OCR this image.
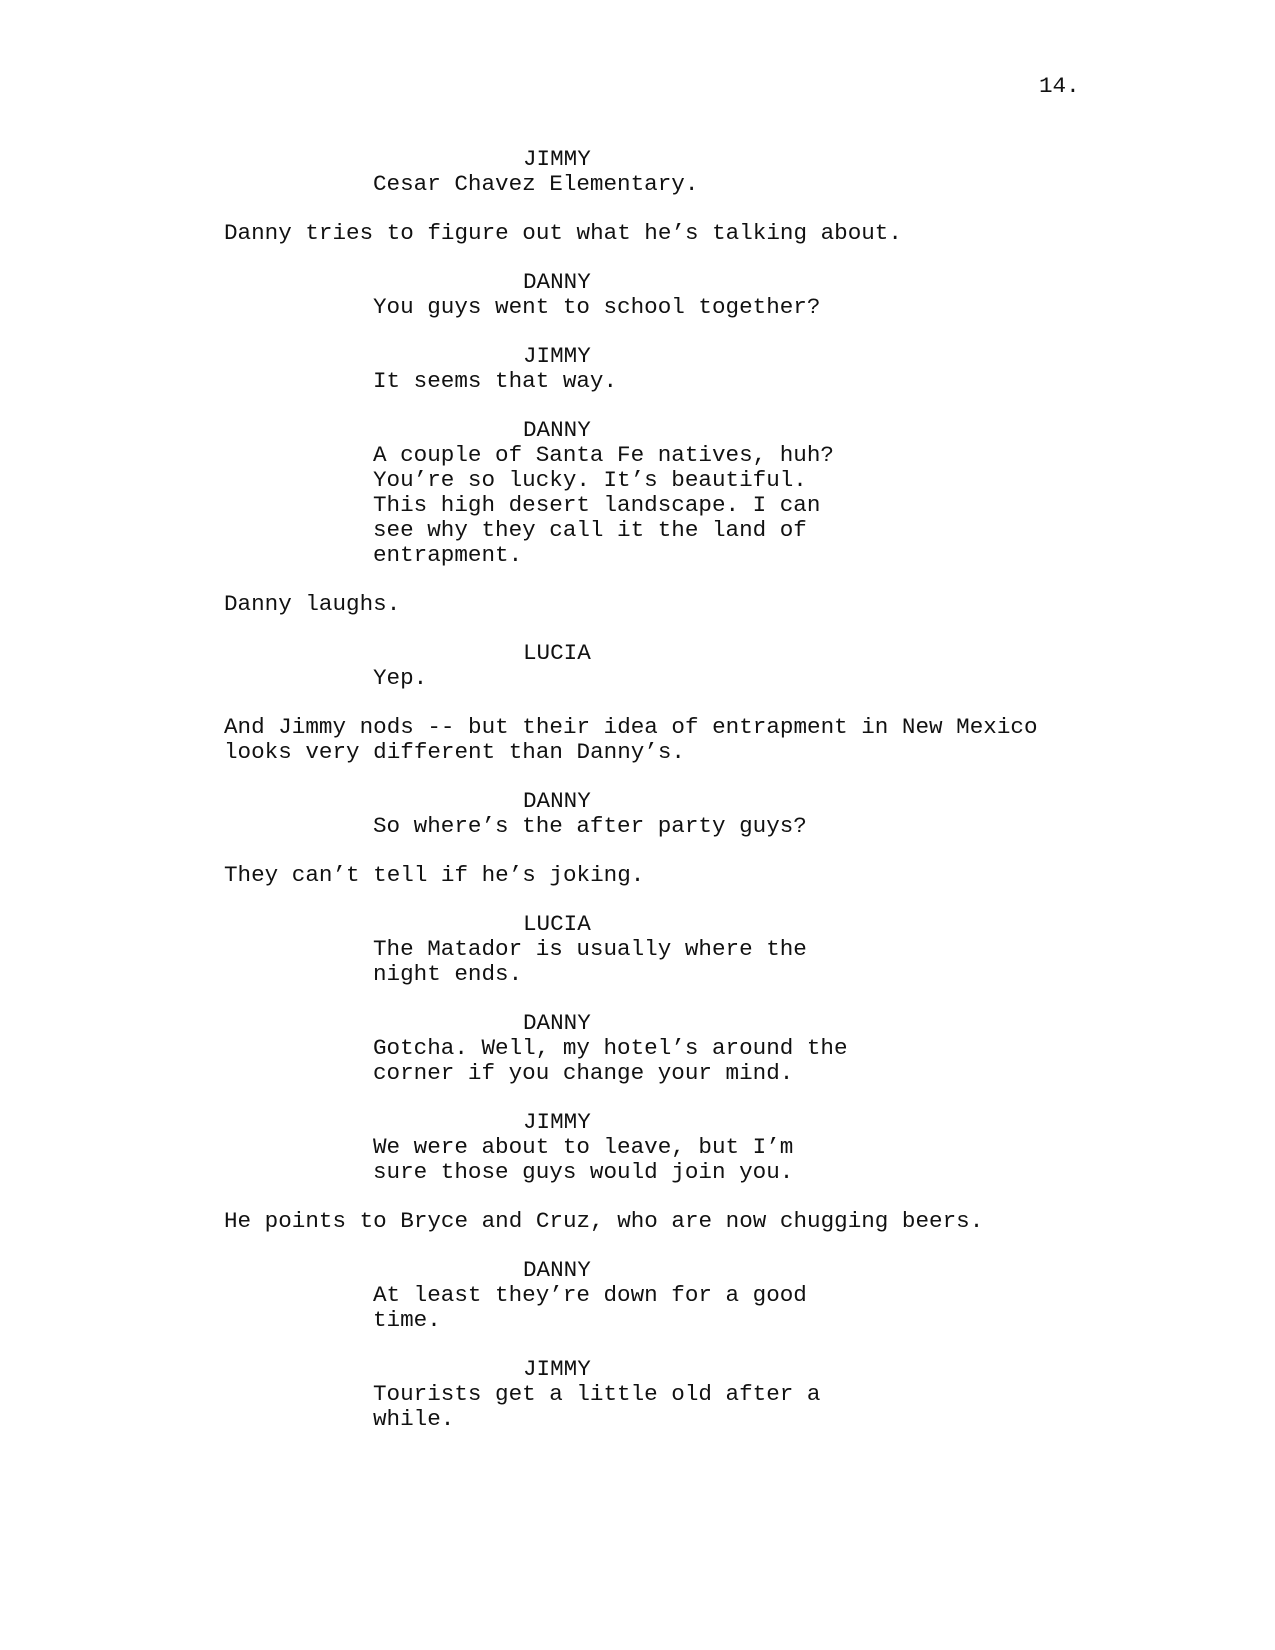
14.
JIMMY
Cesar Chavez Elementary.
Danny tries to figure out what he’s talking about.
DANNY
You guys went to school together?
JIMMY
It seems that way.
DANNY
A couple of Santa Fe natives, huh?
You’re so lucky. It’s beautiful.
This high desert landscape. I can
see why they call it the land of
entrapment.
Danny laughs.
LUCIA
Yep.
And Jimmy nods -- but their idea of entrapment in New Mexico
looks very different than Danny’s.
DANNY
So where’s the after party guys?
They can’t tell if he’s joking.
LUCIA
The Matador is usually where the
night ends.
DANNY
Gotcha. Well, my hotel’s around the
corner if you change your mind.
JIMMY
We were about to leave, but I’m
sure those guys would join you.
He points to Bryce and Cruz, who are now chugging beers.
DANNY
At least they’re down for a good
time.
JIMMY
Tourists get a little old after a
while.
